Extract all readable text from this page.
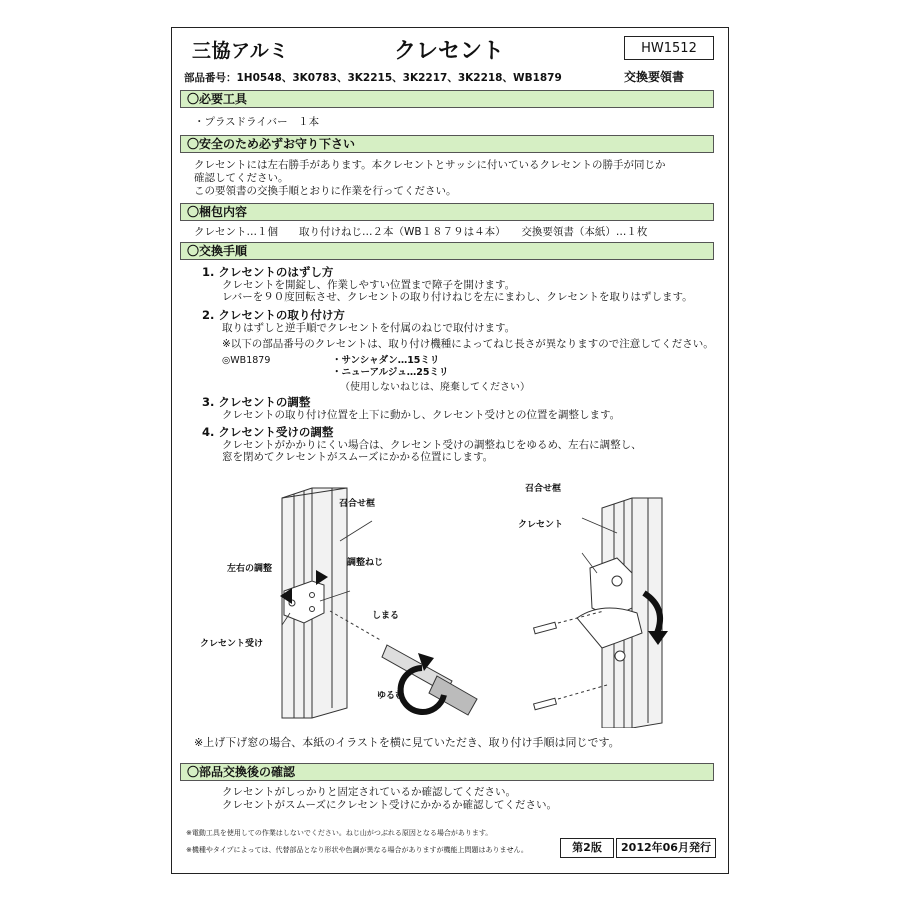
三協アルミ	クレセント	HW1512
部品番号：1H0548、3K0783、3K2215、3K2217、3K2218、WB1879	交換要領書
〇必要工具
・プラスドライバー　１本
〇安全のため必ずお守り下さい
クレセントには左右勝手があります。本クレセントとサッシに付いているクレセントの勝手が同じか
確認してください。
この要領書の交換手順とおりに作業を行ってください。
〇梱包内容
クレセント…１個　　取り付けねじ…２本（WB１８７９は４本）　　交換要領書（本紙）…１枚
〇交換手順
1. クレセントのはずし方
クレセントを開錠し、作業しやすい位置まで障子を開けます。
レバーを９０度回転させ、クレセントの取り付けねじを左にまわし、クレセントを取りはずします。
2. クレセントの取り付け方
取りはずしと逆手順でクレセントを付属のねじで取付けます。
※以下の部品番号のクレセントは、取り付け機種によってねじ長さが異なりますので注意してください。
◎WB1879	・サンシャダン…15ミリ
・ニューアルジュ…25ミリ
（使用しないねじは、廃棄してください）
3. クレセントの調整
クレセントの取り付け位置を上下に動かし、クレセント受けとの位置を調整します。
4. クレセント受けの調整
クレセントがかかりにくい場合は、クレセント受けの調整ねじをゆるめ、左右に調整し、
窓を閉めてクレセントがスムーズにかかる位置にします。
召合せ框
左右の調整
調整ねじ
クレセント受け
しまる
ゆるむ
召合せ框
クレセント
※上げ下げ窓の場合、本紙のイラストを横に見ていただき、取り付け手順は同じです。
〇部品交換後の確認
クレセントがしっかりと固定されているか確認してください。
クレセントがスムーズにクレセント受けにかかるか確認してください。
※電動工具を使用しての作業はしないでください。ねじ山がつぶれる原因となる場合があります。
※機種やタイプによっては、代替部品となり形状や色調が異なる場合がありますが機能上問題はありません。	第2版	2012年06月発行
